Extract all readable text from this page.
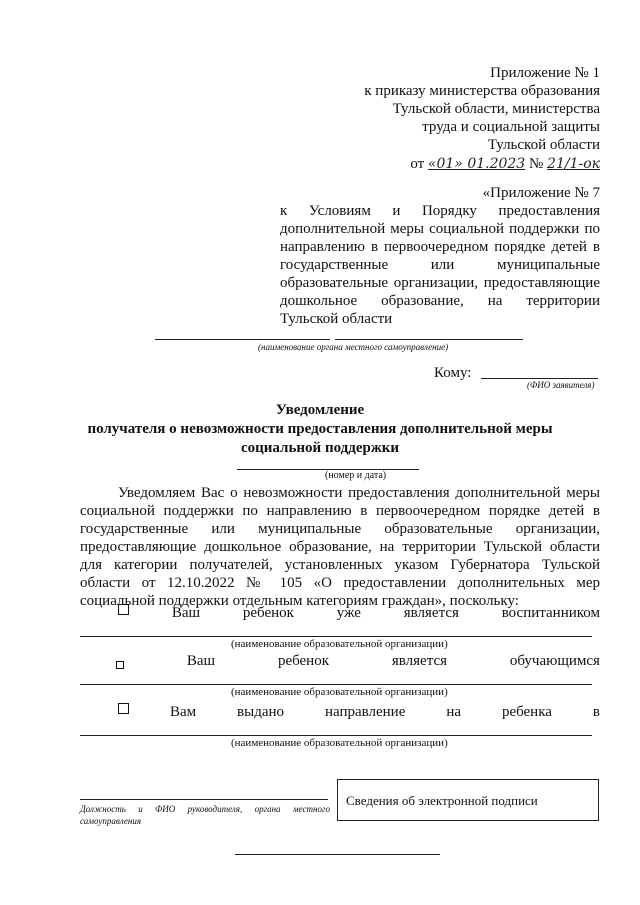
Приложение № 1
к приказу министерства образования
Тульской области, министерства
труда и социальной защиты
Тульской области
от «01» 01.2023 № 21/1-ок
«Приложение № 7
к Условиям и Порядку предоставления
дополнительной меры социальной поддержки по
направлению в первоочередном порядке детей в
государственные или муниципальные
образовательные организации, предоставляющие
дошкольное образование, на территории
Тульской области
(наименование органа местного самоуправление)
Кому:
(ФИО заявителя)
Уведомление
получателя о невозможности предоставления дополнительной меры
социальной поддержки
(номер и дата)
Уведомляем Вас о невозможности предоставления дополнительной меры
социальной поддержки по направлению в первоочередном порядке детей в
государственные или муниципальные образовательные организации,
предоставляющие дошкольное образование, на территории Тульской области
для категории получателей, установленных указом Губернатора Тульской
области от 12.10.2022 № 105 «О предоставлении дополнительных мер
социальной поддержки отдельным категориям граждан», поскольку:
Ваш	ребенок	уже	является	воспитанником
(наименование образовательной организации)
Ваш	ребенок	является	обучающимся
(наименование образовательной организации)
Вам	выдано	направление	на	ребенка	в
(наименование образовательной организации)
Должность и ФИО руководителя, органа местного
самоуправления
Сведения об электронной подписи
